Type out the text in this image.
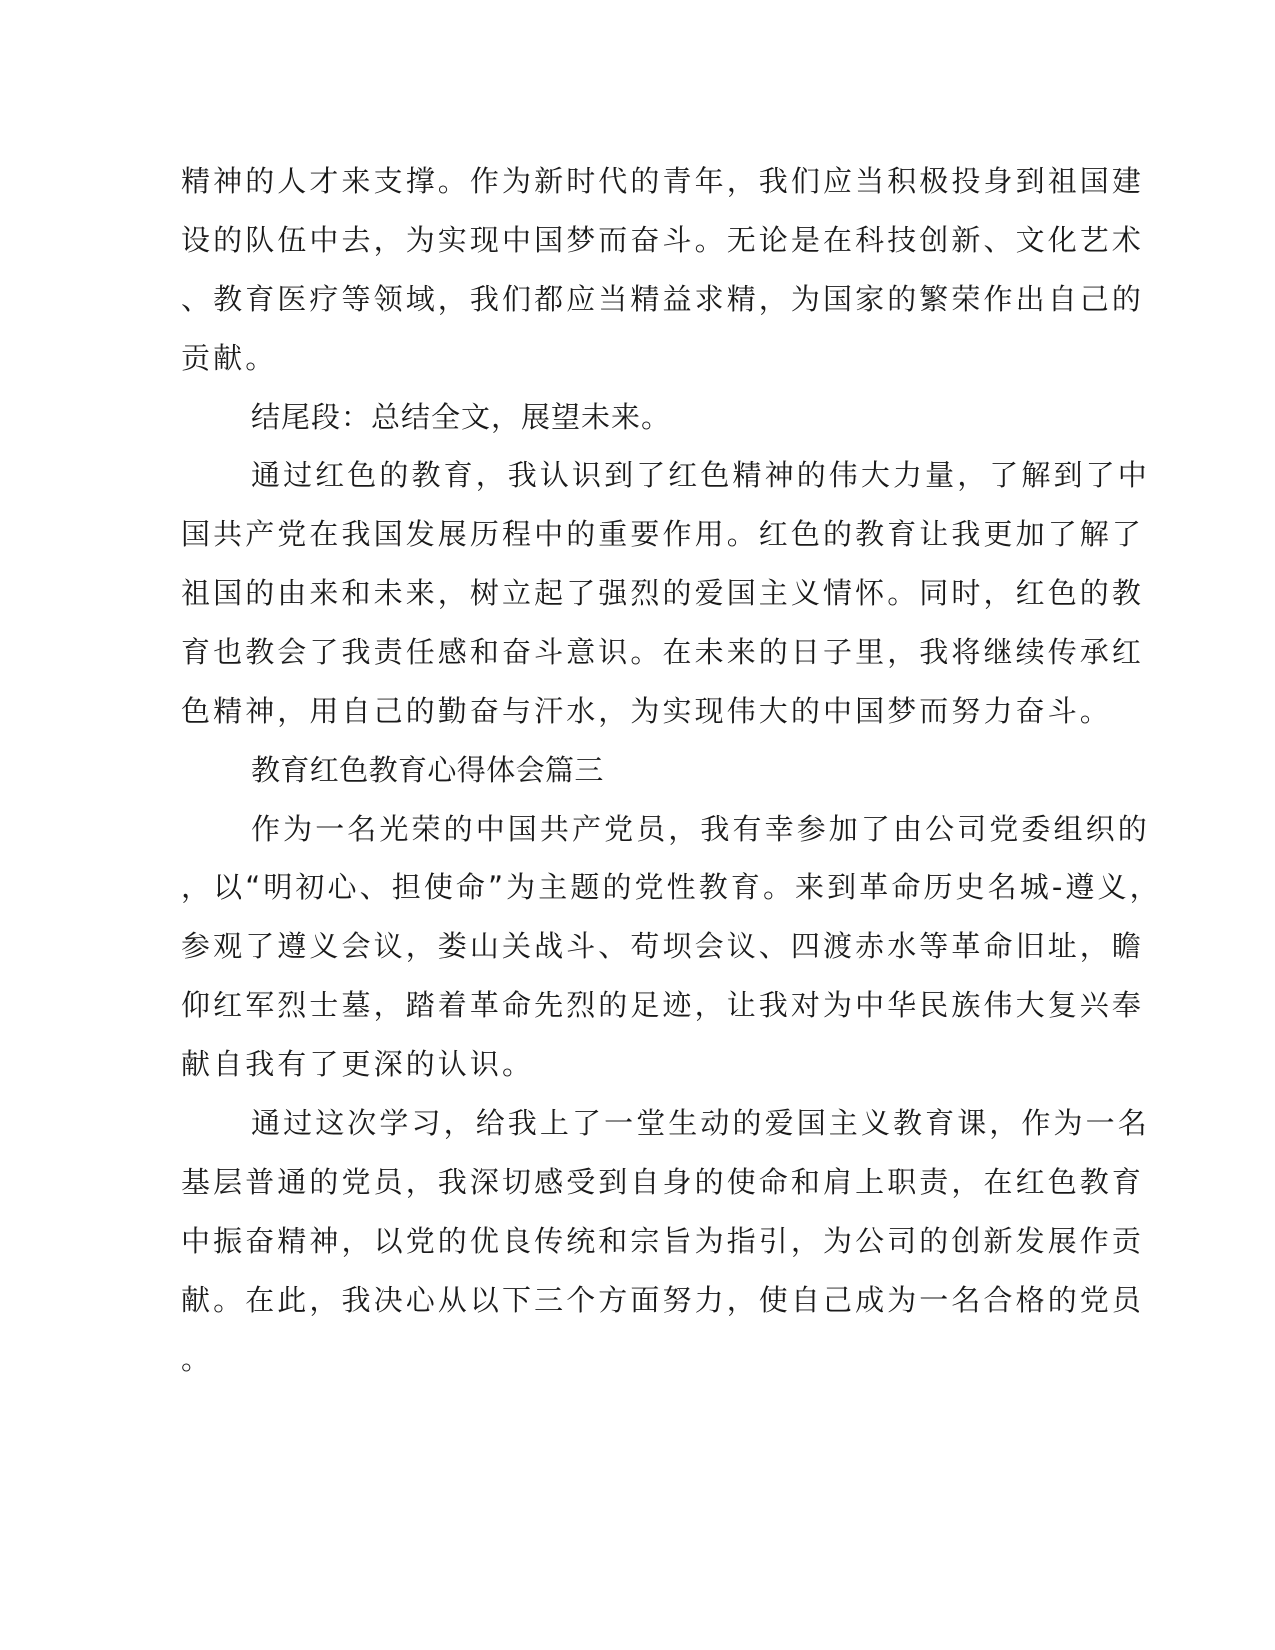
精神的人才来支撑。作为新时代的青年，我们应当积极投身到祖国建
设的队伍中去，为实现中国梦而奋斗。无论是在科技创新、文化艺术
、教育医疗等领域，我们都应当精益求精，为国家的繁荣作出自己的
贡献。
结尾段：总结全文，展望未来。
通过红色的教育，我认识到了红色精神的伟大力量，了解到了中
国共产党在我国发展历程中的重要作用。红色的教育让我更加了解了
祖国的由来和未来，树立起了强烈的爱国主义情怀。同时，红色的教
育也教会了我责任感和奋斗意识。在未来的日子里，我将继续传承红
色精神，用自己的勤奋与汗水，为实现伟大的中国梦而努力奋斗。
教育红色教育心得体会篇三
作为一名光荣的中国共产党员，我有幸参加了由公司党委组织的
，以“明初心、担使命”为主题的党性教育。来到革命历史名城-遵义，
参观了遵义会议，娄山关战斗、苟坝会议、四渡赤水等革命旧址，瞻
仰红军烈士墓，踏着革命先烈的足迹，让我对为中华民族伟大复兴奉
献自我有了更深的认识。
通过这次学习，给我上了一堂生动的爱国主义教育课，作为一名
基层普通的党员，我深切感受到自身的使命和肩上职责，在红色教育
中振奋精神，以党的优良传统和宗旨为指引，为公司的创新发展作贡
献。在此，我决心从以下三个方面努力，使自己成为一名合格的党员
。
